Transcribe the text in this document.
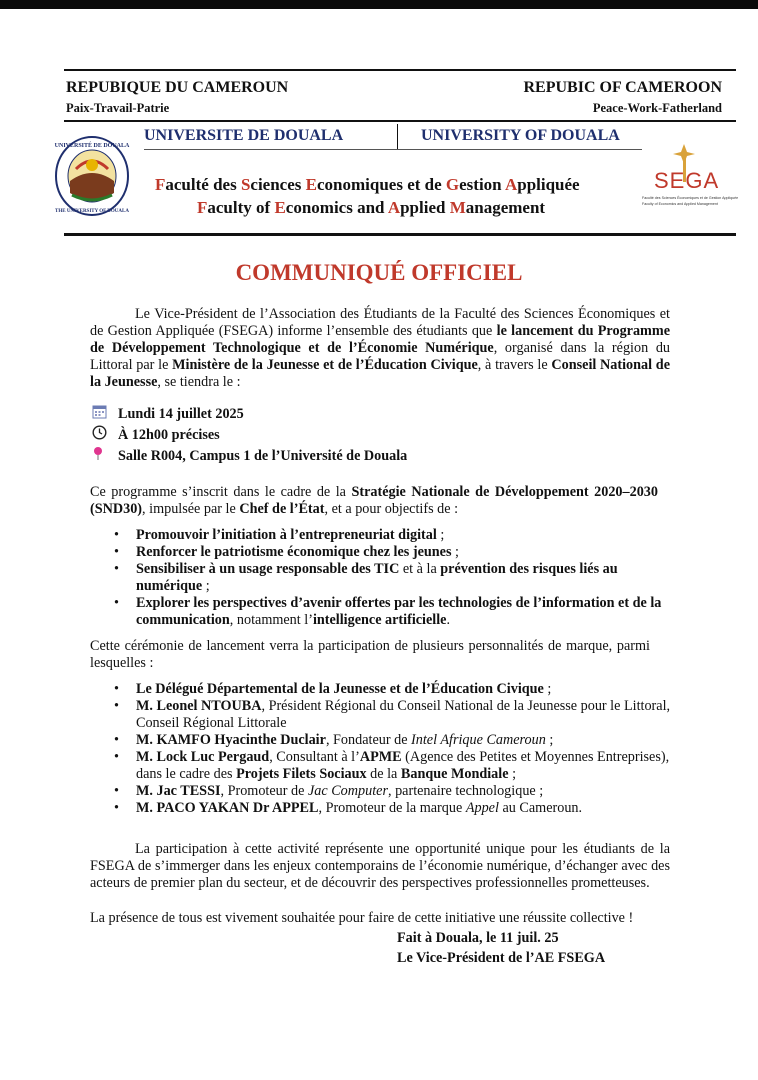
REPUBIQUE DU CAMEROUN
Paix-Travail-Patrie
REPUBIC OF CAMEROON
Peace-Work-Fatherland
UNIVERSITE DE DOUALA	UNIVERSITY OF DOUALA
UNIVERSITÉ DE DOUALA
THE UNIVERSITY OF DOUALA
Faculté des Sciences Economiques et de Gestion Appliquée
Faculty of Economics and Applied Management
SEGA
Faculté des Sciences Économiques et de Gestion Appliquée
Faculty of Economics and Applied Management
COMMUNIQUÉ OFFICIEL
Le Vice-Président de l’Association des Étudiants de la Faculté des Sciences Économiques et de Gestion Appliquée (FSEGA) informe l’ensemble des étudiants que le lancement du Programme de Développement Technologique et de l’Économie Numérique, organisé dans la région du Littoral par le Ministère de la Jeunesse et de l’Éducation Civique, à travers le Conseil National de la Jeunesse, se tiendra le :
Lundi 14 juillet 2025
À 12h00 précises
Salle R004, Campus 1 de l’Université de Douala
Ce programme s’inscrit dans le cadre de la Stratégie Nationale de Développement 2020–2030 (SND30), impulsée par le Chef de l’État, et a pour objectifs de :
• Promouvoir l’initiation à l’entrepreneuriat digital ;
• Renforcer le patriotisme économique chez les jeunes ;
• Sensibiliser à un usage responsable des TIC et à la prévention des risques liés au numérique ;
• Explorer les perspectives d’avenir offertes par les technologies de l’information et de la communication, notamment l’intelligence artificielle.
Cette cérémonie de lancement verra la participation de plusieurs personnalités de marque, parmi lesquelles :
• Le Délégué Départemental de la Jeunesse et de l’Éducation Civique ;
• M. Leonel NTOUBA, Président Régional du Conseil National de la Jeunesse pour le Littoral, Conseil Régional Littorale
• M. KAMFO Hyacinthe Duclair, Fondateur de Intel Afrique Cameroun ;
• M. Lock Luc Pergaud, Consultant à l’APME (Agence des Petites et Moyennes Entreprises), dans le cadre des Projets Filets Sociaux de la Banque Mondiale ;
• M. Jac TESSI, Promoteur de Jac Computer, partenaire technologique ;
• M. PACO YAKAN Dr APPEL, Promoteur de la marque Appel au Cameroun.
La participation à cette activité représente une opportunité unique pour les étudiants de la FSEGA de s’immerger dans les enjeux contemporains de l’économie numérique, d’échanger avec des acteurs de premier plan du secteur, et de découvrir des perspectives professionnelles prometteuses.
La présence de tous est vivement souhaitée pour faire de cette initiative une réussite collective !
Fait à Douala, le 11 juil. 25
Le Vice-Président de l’AE FSEGA
